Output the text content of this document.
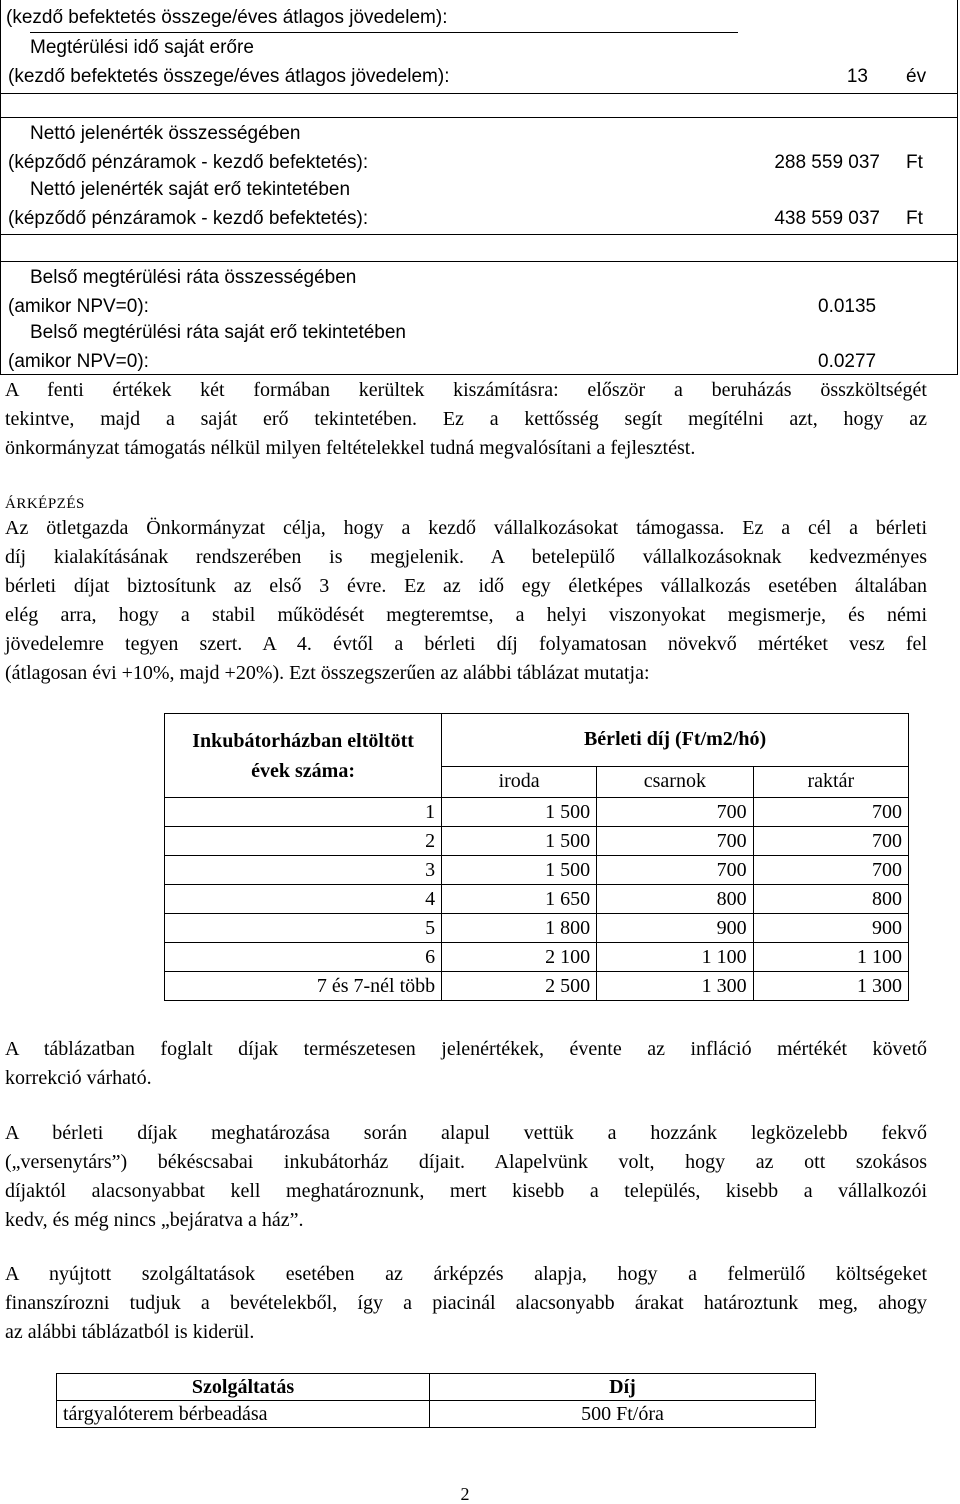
(kezdő befektetés összege/éves átlagos jövedelem):
Megtérülési idő saját erőre
(kezdő befektetés összege/éves átlagos jövedelem):	13 év
Nettó jelenérték összességében
(képződő pénzáramok - kezdő befektetés):	288 559 037 Ft
Nettó jelenérték saját erő tekintetében
(képződő pénzáramok - kezdő befektetés):	438 559 037 Ft
Belső megtérülési ráta összességében
(amikor NPV=0):	0.0135
Belső megtérülési ráta saját erő tekintetében
(amikor NPV=0):	0.0277
A fenti értékek két formában kerültek kiszámításra: először a beruházás összköltségét
tekintve, majd a saját erő tekintetében. Ez a kettősség segít megítélni azt, hogy az
önkormányzat támogatás nélkül milyen feltételekkel tudná megvalósítani a fejlesztést.
ÁRKÉPZÉS
Az ötletgazda Önkormányzat célja, hogy a kezdő vállalkozásokat támogassa. Ez a cél a bérleti
díj kialakításának rendszerében is megjelenik. A betelepülő vállalkozásoknak kedvezményes
bérleti díjat biztosítunk az első 3 évre. Ez az idő egy életképes vállalkozás esetében általában
elég arra, hogy a stabil működését megteremtse, a helyi viszonyokat megismerje, és némi
jövedelemre tegyen szert. A 4. évtől a bérleti díj folyamatosan növekvő mértéket vesz fel
(átlagosan évi +10%, majd +20%). Ezt összegszerűen az alábbi táblázat mutatja:
Inkubátorházban eltöltött évek száma:	Bérleti díj (Ft/m2/hó)		
	iroda	csarnok	raktár
1	1 500	700	700
2	1 500	700	700
3	1 500	700	700
4	1 650	800	800
5	1 800	900	900
6	2 100	1 100	1 100
7 és 7-nél több	2 500	1 300	1 300
A táblázatban foglalt díjak természetesen jelenértékek, évente az infláció mértékét követő
korrekció várható.
A bérleti díjak meghatározása során alapul vettük a hozzánk legközelebb fekvő
(„versenytárs”) békéscsabai inkubátorház díjait. Alapelvünk volt, hogy az ott szokásos
díjaktól alacsonyabbat kell meghatároznunk, mert kisebb a település, kisebb a vállalkozói
kedv, és még nincs „bejáratva a ház”.
A nyújtott szolgáltatások esetében az árképzés alapja, hogy a felmerülő költségeket
finanszírozni tudjuk a bevételekből, így a piacinál alacsonyabb árakat határoztunk meg, ahogy
az alábbi táblázatból is kiderül.
Szolgáltatás	Díj
tárgyalóterem bérbeadása	500 Ft/óra
2
